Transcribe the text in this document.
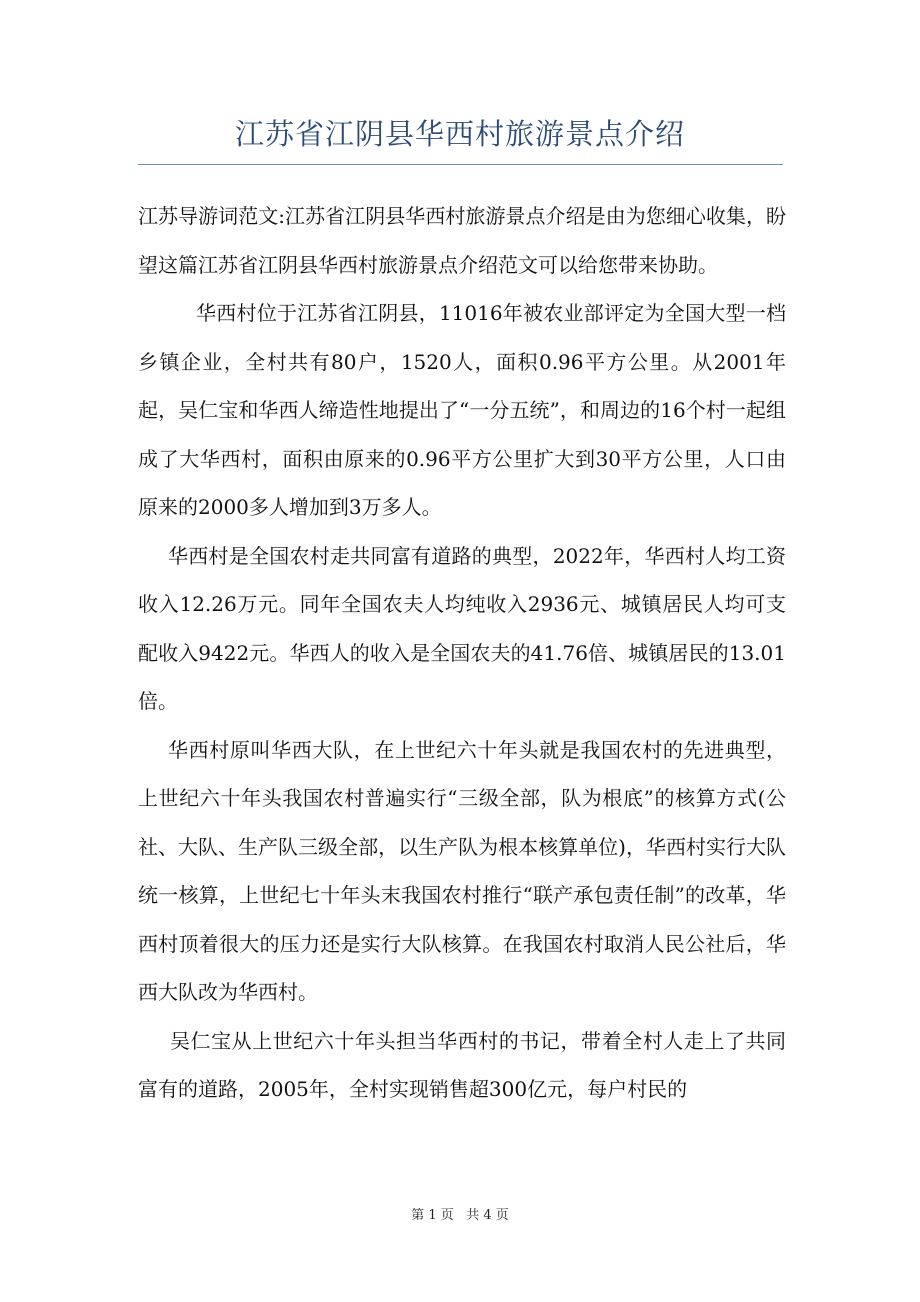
江苏省江阴县华西村旅游景点介绍

江苏导游词范文:江苏省江阴县华西村旅游景点介绍是由为您细心收集，盼望这篇江苏省江阴县华西村旅游景点介绍范文可以给您带来协助。

华西村位于江苏省江阴县，11016年被农业部评定为全国大型一档乡镇企业，全村共有80户，1520人，面积0.96平方公里。从2001年起，吴仁宝和华西人缔造性地提出了“一分五统”，和周边的16个村一起组成了大华西村，面积由原来的0.96平方公里扩大到30平方公里，人口由原来的2000多人增加到3万多人。

华西村是全国农村走共同富有道路的典型，2022年，华西村人均工资收入12.26万元。同年全国农夫人均纯收入2936元、城镇居民人均可支配收入9422元。华西人的收入是全国农夫的41.76倍、城镇居民的13.01倍。

华西村原叫华西大队，在上世纪六十年头就是我国农村的先进典型，上世纪六十年头我国农村普遍实行“三级全部，队为根底”的核算方式(公社、大队、生产队三级全部，以生产队为根本核算单位)，华西村实行大队统一核算，上世纪七十年头末我国农村推行“联产承包责任制”的改革，华西村顶着很大的压力还是实行大队核算。在我国农村取消人民公社后，华西大队改为华西村。

吴仁宝从上世纪六十年头担当华西村的书记，带着全村人走上了共同富有的道路，2005年，全村实现销售超300亿元，每户村民的

第 1 页   共 4 页
